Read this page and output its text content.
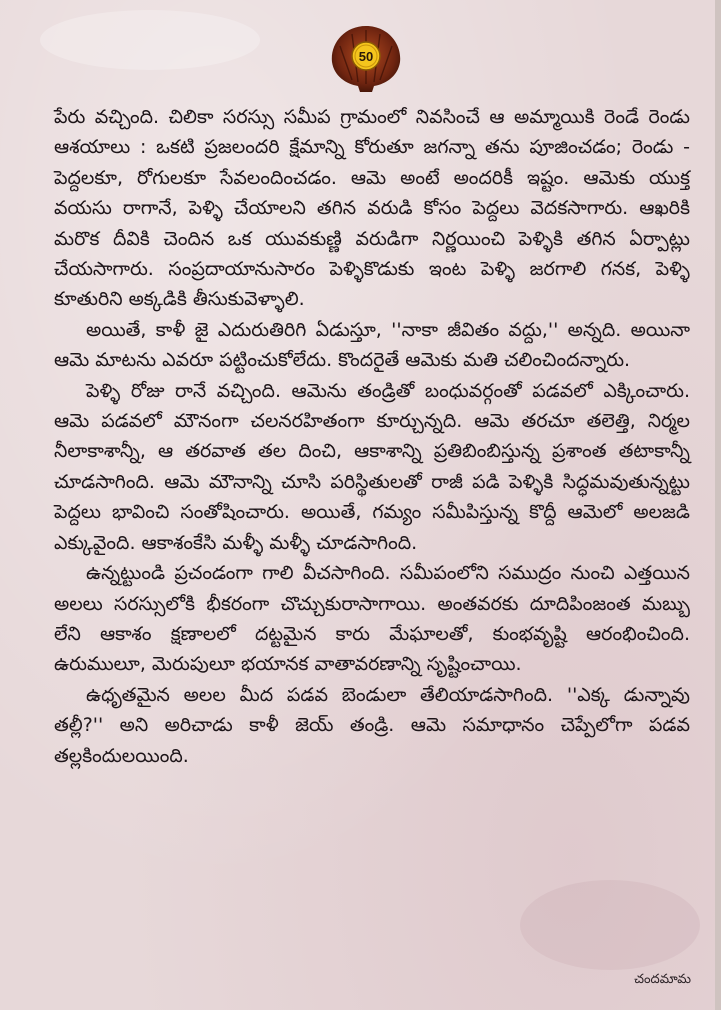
50

పేరు వచ్చింది. చిలికా సరస్సు సమీప గ్రామంలో నివసించే ఆ అమ్మాయికి రెండే రెండు ఆశయాలు : ఒకటి ప్రజలందరి క్షేమాన్ని కోరుతూ జగన్నా తను పూజించడం; రెండు - పెద్దలకూ, రోగులకూ సేవలందించడం. ఆమె అంటే అందరికీ ఇష్టం. ఆమెకు యుక్త వయసు రాగానే, పెళ్ళి చేయాలని తగిన వరుడి కోసం పెద్దలు వెదకసాగారు. ఆఖరికి మరొక దీవికి చెందిన ఒక యువకుణ్ణి వరుడిగా నిర్ణయించి పెళ్ళికి తగిన ఏర్పాట్లు చేయసాగారు. సంప్రదాయానుసారం పెళ్ళికొడుకు ఇంట పెళ్ళి జరగాలి గనక, పెళ్ళి కూతురిని అక్కడికి తీసుకువెళ్ళాలి.

అయితే, కాళీ జై ఎదురుతిరిగి ఏడుస్తూ, ''నాకా జీవితం వద్దు,'' అన్నది. అయినా ఆమె మాటను ఎవరూ పట్టించుకోలేదు. కొందరైతే ఆమెకు మతి చలించిందన్నారు.

పెళ్ళి రోజు రానే వచ్చింది. ఆమెను తండ్రితో బంధువర్గంతో పడవలో ఎక్కించారు. ఆమె పడవలో మౌనంగా చలనరహితంగా కూర్చున్నది. ఆమె తరచూ తలెత్తి, నిర్మల నీలాకాశాన్నీ, ఆ తరవాత తల దించి, ఆకాశాన్ని ప్రతిబింబిస్తున్న ప్రశాంత తటాకాన్నీ చూడసాగింది. ఆమె మౌనాన్ని చూసి పరిస్థితులతో రాజీ పడి పెళ్ళికి సిద్ధమవుతున్నట్టు పెద్దలు భావించి సంతోషించారు. అయితే, గమ్యం సమీపిస్తున్న కొద్దీ ఆమెలో అలజడి ఎక్కువైంది. ఆకాశంకేసి మళ్ళీ మళ్ళీ చూడసాగింది.

ఉన్నట్టుండి ప్రచండంగా గాలి వీచసాగింది. సమీపంలోని సముద్రం నుంచి ఎత్తయిన అలలు సరస్సులోకి భీకరంగా చొచ్చుకురాసాగాయి. అంతవరకు దూదిపింజంత మబ్బు లేని ఆకాశం క్షణాలలో దట్టమైన కారు మేఘాలతో, కుంభవృష్టి ఆరంభించింది. ఉరుములూ, మెరుపులూ భయానక వాతావరణాన్ని సృష్టించాయి.

ఉధృతమైన అలల మీద పడవ బెండులా తేలియాడసాగింది. ''ఎక్క డున్నావు తల్లీ?'' అని అరిచాడు కాళీ జెయ్ తండ్రి. ఆమె సమాధానం చెప్పేలోగా పడవ తల్లకిందులయింది.

చందమామ
